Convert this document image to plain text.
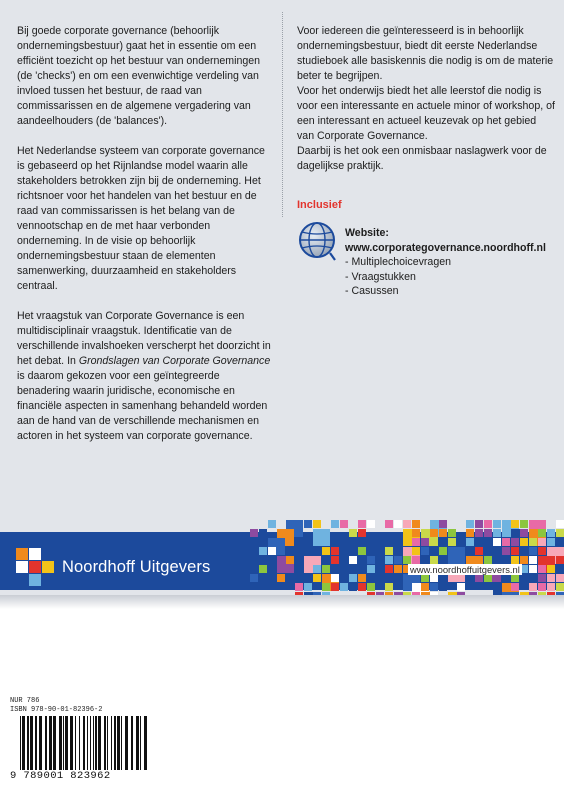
Bij goede corporate governance (behoorlijk ondernemingsbestuur) gaat het in essentie om een efficiënt toezicht op het bestuur van ondernemingen (de 'checks') en om een evenwichtige verdeling van invloed tussen het bestuur, de raad van commissarissen en de algemene vergadering van aandeelhouders (de 'balances').

Het Nederlandse systeem van corporate governance is gebaseerd op het Rijnlandse model waarin alle stakeholders betrokken zijn bij de onderneming. Het richtsnoer voor het handelen van het bestuur en de raad van commissarissen is het belang van de vennootschap en de met haar verbonden onderneming. In de visie op behoorlijk ondernemingsbestuur staan de elementen samenwerking, duurzaamheid en stakeholders centraal.

Het vraagstuk van Corporate Governance is een multidisciplinair vraagstuk. Identificatie van de verschillende invalshoeken verscherpt het doorzicht in het debat. In Grondslagen van Corporate Governance is daarom gekozen voor een geïntegreerde benadering waarin juridische, economische en financiële aspecten in samenhang behandeld worden aan de hand van de verschillende mechanismen en actoren in het systeem van corporate governance.

Voor iedereen die geïnteresseerd is in behoorlijk ondernemingsbestuur, biedt dit eerste Nederlandse studieboek alle basiskennis die nodig is om de materie beter te begrijpen.

Voor het onderwijs biedt het alle leerstof die nodig is voor een interessante en actuele minor of workshop, of een interessant en actueel keuzevak op het gebied van Corporate Governance.

Daarbij is het ook een onmisbaar naslagwerk voor de dagelijkse praktijk.

Inclusief
Website:
www.corporategovernance.noordhoff.nl
- Multiplechoicevragen
- Vraagstukken
- Casussen
Noordhoff Uitgevers	www.noordhoffuitgevers.nl
NUR 786
ISBN 978-90-01-82396-2
9 789001 823962
